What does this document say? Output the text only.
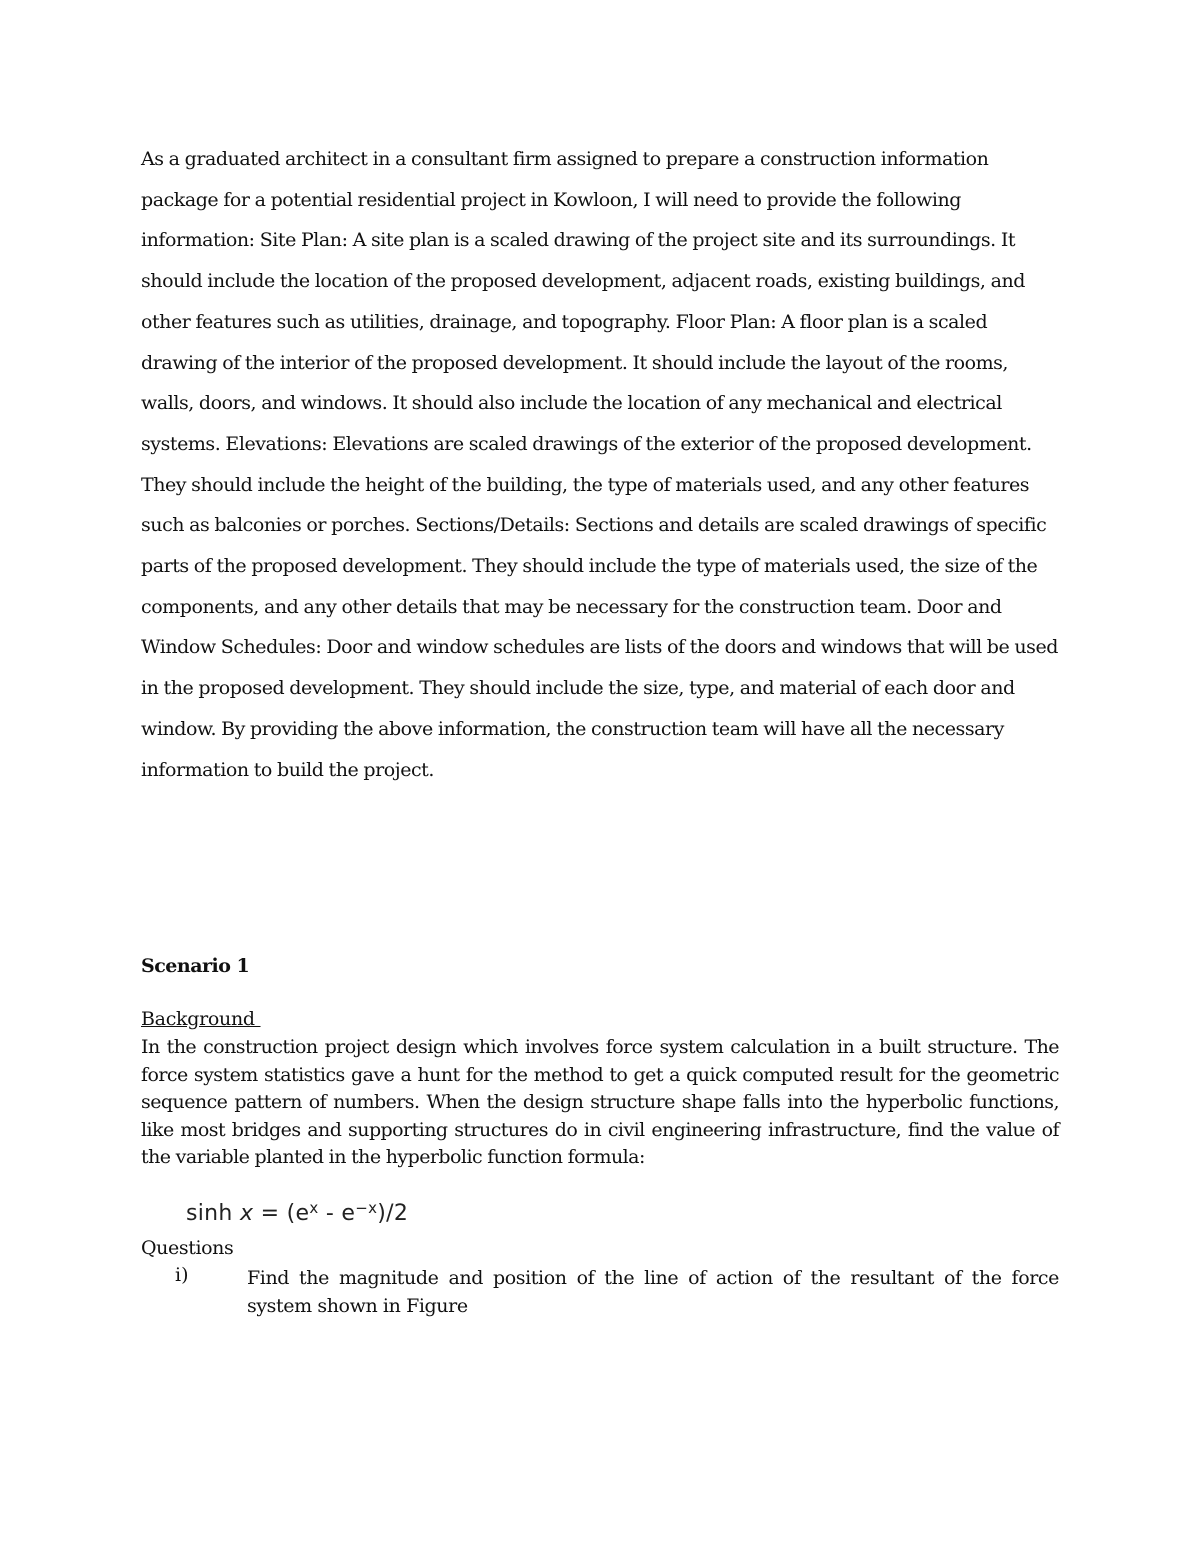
As a graduated architect in a consultant firm assigned to prepare a construction information package for a potential residential project in Kowloon, I will need to provide the following information: Site Plan: A site plan is a scaled drawing of the project site and its surroundings. It should include the location of the proposed development, adjacent roads, existing buildings, and other features such as utilities, drainage, and topography. Floor Plan: A floor plan is a scaled drawing of the interior of the proposed development. It should include the layout of the rooms, walls, doors, and windows. It should also include the location of any mechanical and electrical systems. Elevations: Elevations are scaled drawings of the exterior of the proposed development. They should include the height of the building, the type of materials used, and any other features such as balconies or porches. Sections/Details: Sections and details are scaled drawings of specific parts of the proposed development. They should include the type of materials used, the size of the components, and any other details that may be necessary for the construction team. Door and Window Schedules: Door and window schedules are lists of the doors and windows that will be used in the proposed development. They should include the size, type, and material of each door and window. By providing the above information, the construction team will have all the necessary information to build the project.

Scenario 1
Background

In the construction project design which involves force system calculation in a built structure. The force system statistics gave a hunt for the method to get a quick computed result for the geometric sequence pattern of numbers. When the design structure shape falls into the hyperbolic functions, like most bridges and supporting structures do in civil engineering infrastructure, find the value of the variable planted in the hyperbolic function formula:

$\sinh x = (e^x - e^{-x})/2$
Questions
i)	Find the magnitude and position of the line of action of the resultant of the force system shown in Figure
